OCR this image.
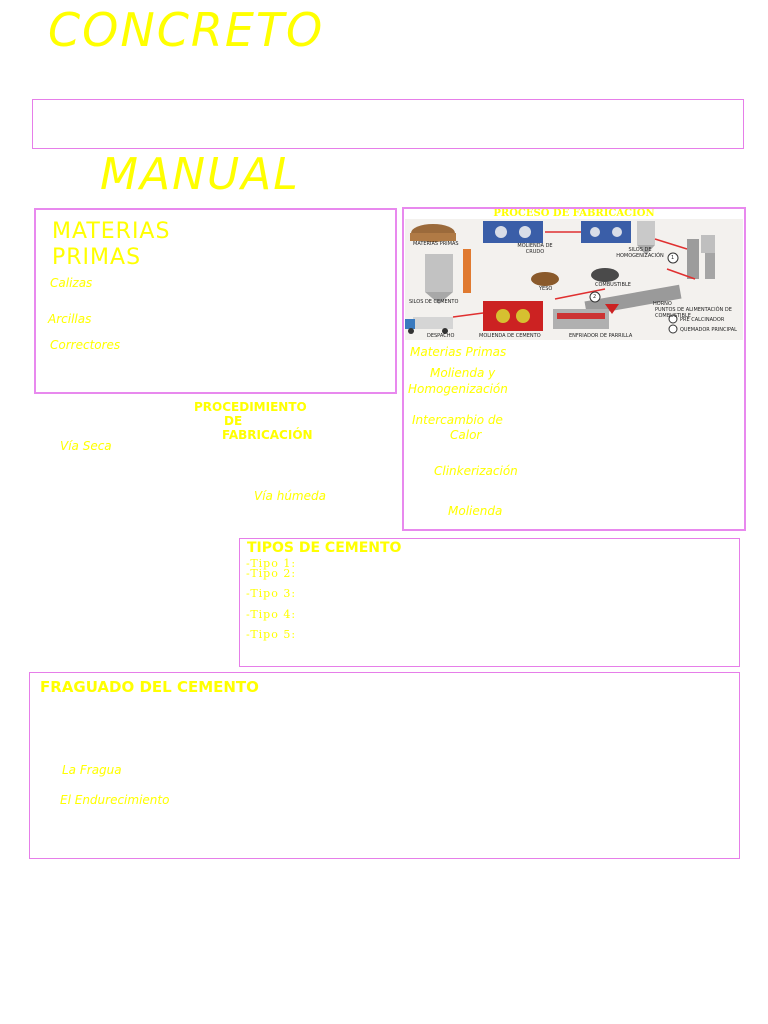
CONCRETO
MANUAL
MATERIAS
PRIMAS
Calizas
Arcillas
Correctores
PROCESO DE FABRICACION
MATERIAS PRIMAS	MOLIENDA DE CRUDO	SILOS DE HOMOGENIZACIÓN
SILOS DE CEMENTO
YESO
COMBUSTIBLE
1
2
HORNO
PUNTOS DE ALIMENTACIÓN DE COMBUSTIBLE
DESPACHO	MOLIENDA DE CEMENTO	ENFRIADOR DE PARRILLA
PRE CALCINADOR
QUEMADOR PRINCIPAL
Materias Primas
Molienda y
Homogenización
Intercambio de
Calor
Clinkerización
Molienda
PROCEDIMIENTO
DE
FABRICACIÓN
Vía Seca
Vía húmeda
TIPOS DE CEMENTO
-Tipo 1:
-Tipo 2:
-Tipo 3:
-Tipo 4:
-Tipo 5:
FRAGUADO DEL CEMENTO
La Fragua
El Endurecimiento
